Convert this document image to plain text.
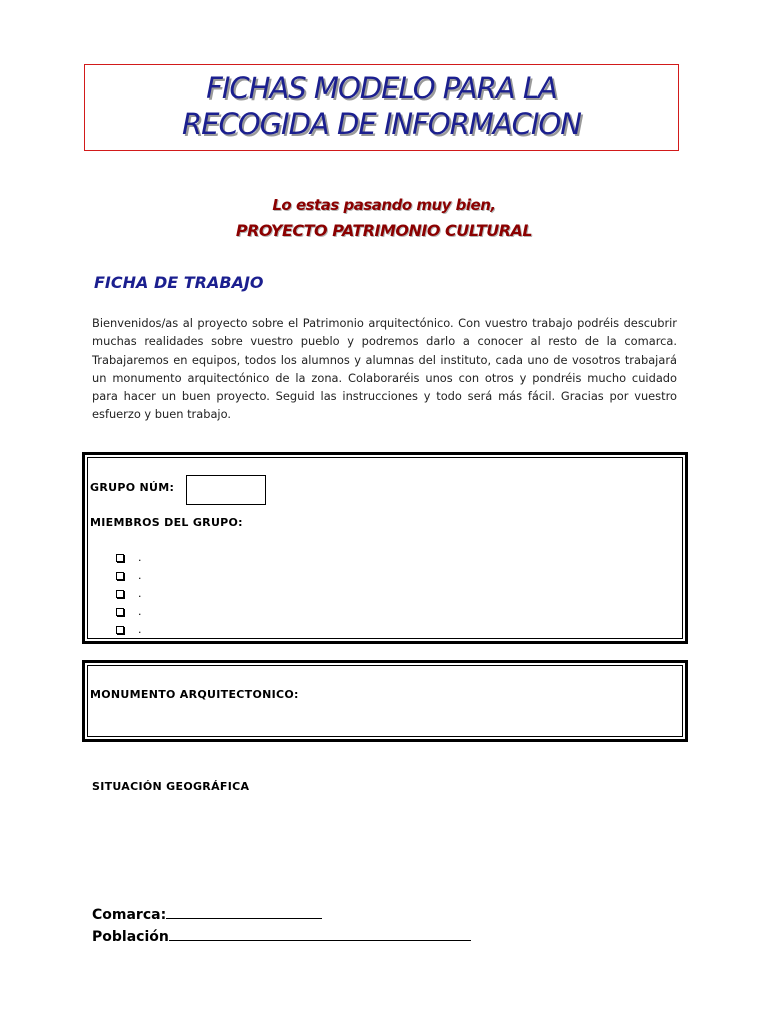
FICHAS MODELO PARA LA
RECOGIDA DE INFORMACION
Lo estas pasando muy bien,
PROYECTO PATRIMONIO CULTURAL
FICHA DE TRABAJO
Bienvenidos/as al proyecto sobre el Patrimonio arquitectónico. Con vuestro trabajo podréis descubrir muchas realidades sobre vuestro pueblo y podremos darlo a conocer al resto de la comarca. Trabajaremos en equipos, todos los alumnos y alumnas del instituto, cada uno de vosotros trabajará un monumento arquitectónico de la zona. Colaboraréis unos con otros y pondréis mucho cuidado para hacer un buen proyecto. Seguid las instrucciones y todo será más fácil. Gracias por vuestro esfuerzo y buen trabajo.
GRUPO NÚM:
MIEMBROS DEL GRUPO:
.
.
.
.
.
MONUMENTO ARQUITECTONICO:
SITUACIÓN GEOGRÁFICA
Comarca:
Población
